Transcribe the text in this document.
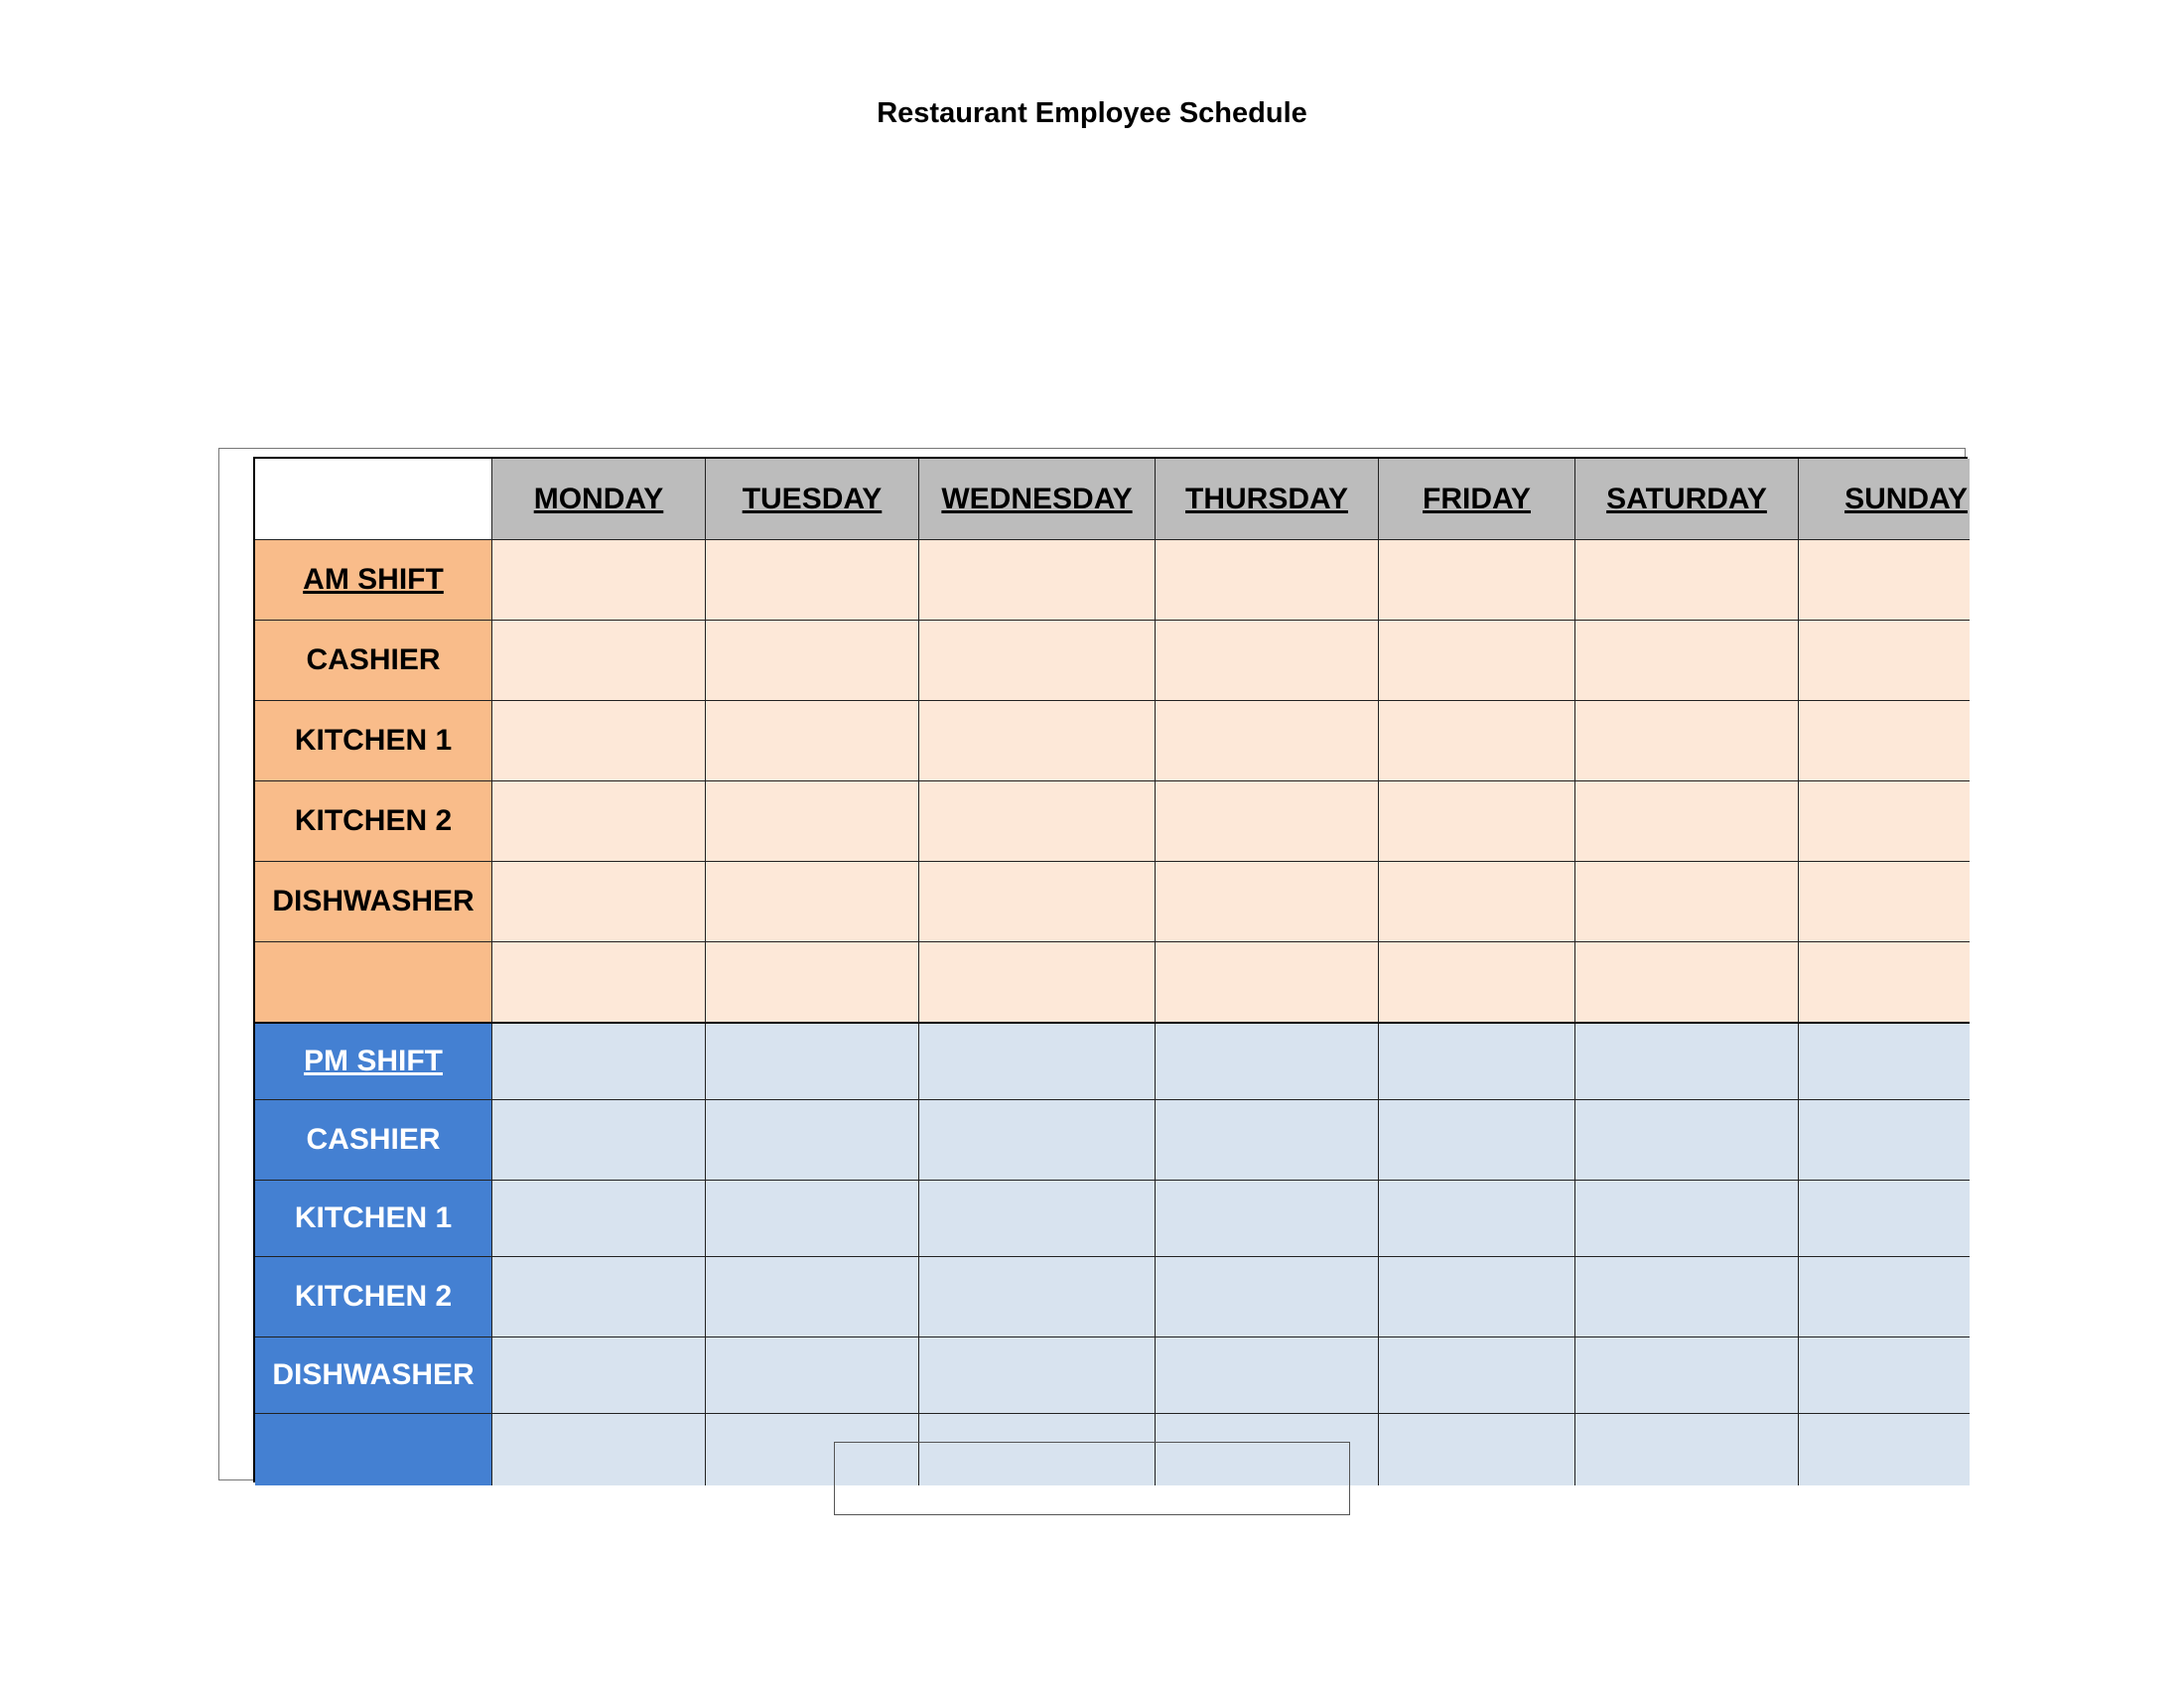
Restaurant Employee Schedule
MONDAY	TUESDAY	WEDNESDAY	THURSDAY	FRIDAY	SATURDAY	SUNDAY
AM SHIFT
CASHIER
KITCHEN 1
KITCHEN 2
DISHWASHER
PM SHIFT
CASHIER
KITCHEN 1
KITCHEN 2
DISHWASHER
